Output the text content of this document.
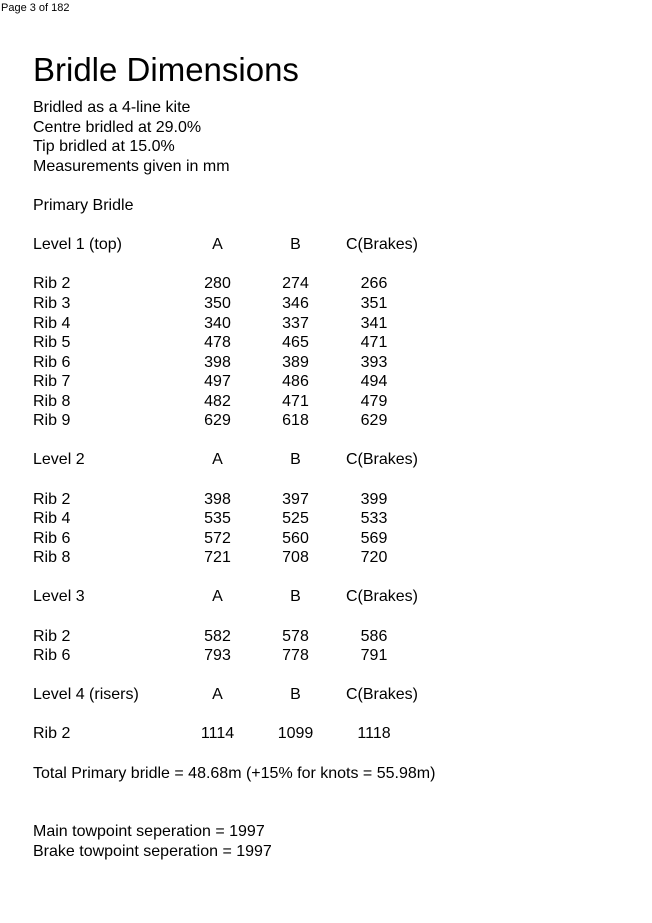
Page 3 of 182
Bridle Dimensions
Bridled as a 4-line kite
Centre bridled at 29.0%
Tip bridled at 15.0%
Measurements given in mm
Primary Bridle
Level 1 (top)	A	B	C(Brakes)
Rib 2	280	274	266
Rib 3	350	346	351
Rib 4	340	337	341
Rib 5	478	465	471
Rib 6	398	389	393
Rib 7	497	486	494
Rib 8	482	471	479
Rib 9	629	618	629
Level 2	A	B	C(Brakes)
Rib 2	398	397	399
Rib 4	535	525	533
Rib 6	572	560	569
Rib 8	721	708	720
Level 3	A	B	C(Brakes)
Rib 2	582	578	586
Rib 6	793	778	791
Level 4 (risers)	A	B	C(Brakes)
Rib 2	1114	1099	1118
Total Primary bridle = 48.68m (+15% for knots = 55.98m)
Main towpoint seperation = 1997
Brake towpoint seperation = 1997
